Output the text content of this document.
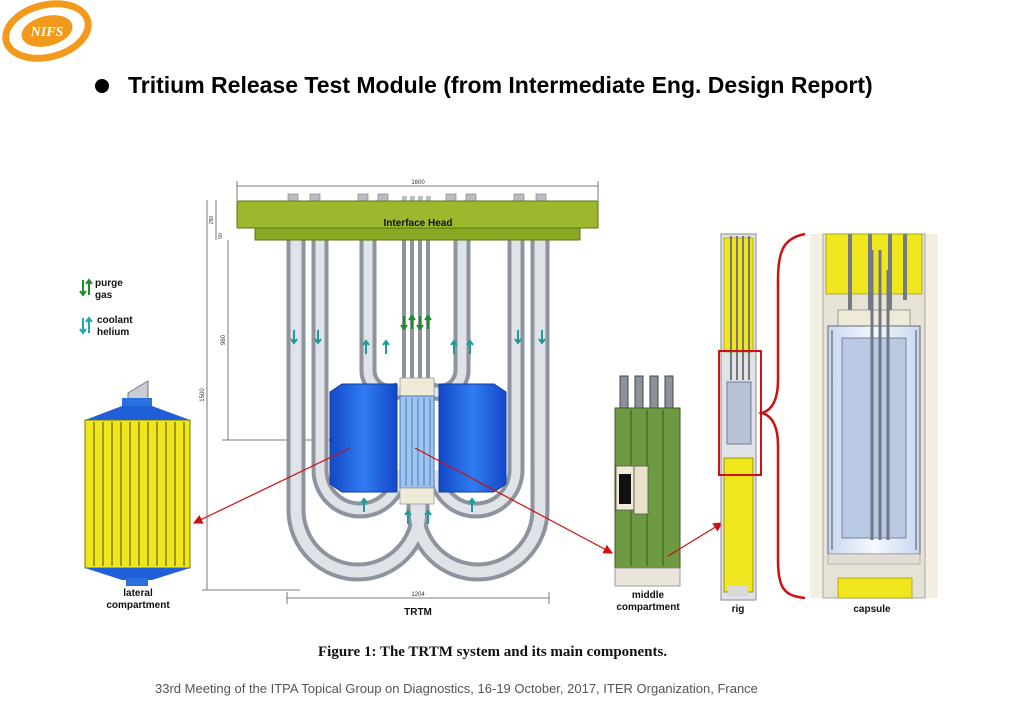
NIFS
Tritium Release Test Module (from Intermediate Eng. Design Report)
purge
gas
coolant
helium
lateral
compartment
1600
1204
1500
960
250
50
Interface Head
TRTM
middle
compartment	rig	capsule
Figure 1: The TRTM system and its main components.
33rd Meeting of the ITPA Topical Group on Diagnostics, 16-19 October, 2017, ITER Organization, France
